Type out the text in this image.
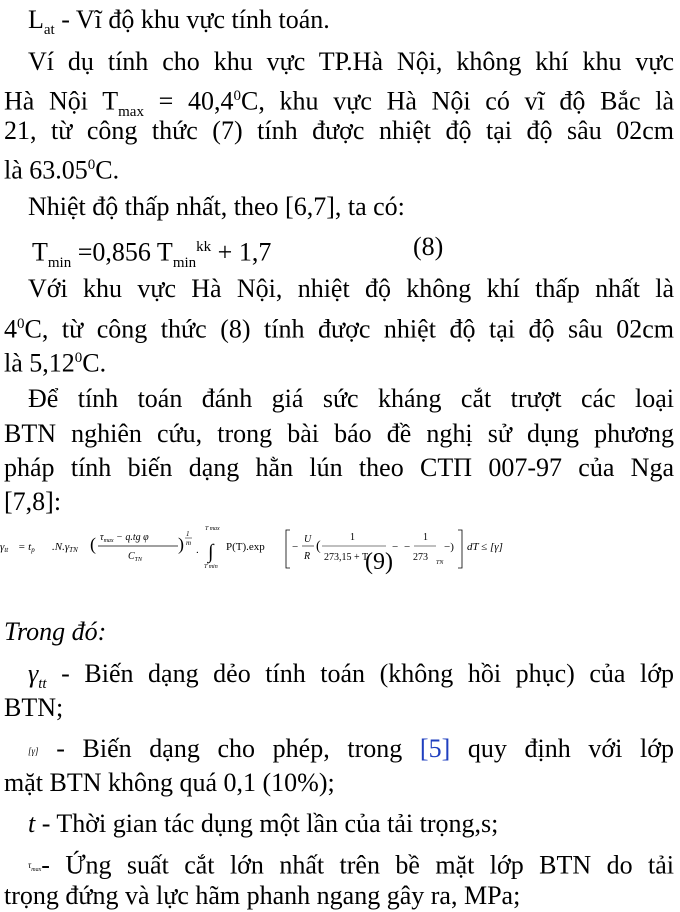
$L_{at}$ - Vĩ độ khu vực tính toán.
Ví dụ tính cho khu vực TP.Hà Nội, không khí khu vực
Hà Nội $T_{max} = 40,4^0C$, khu vực Hà Nội có vĩ độ Bắc là
21, từ công thức (7) tính được nhiệt độ tại độ sâu 02cm
là 63.05$^0$C.
Nhiệt độ thấp nhất, theo [6,7], ta có:
$T_{min} =0,856$ $T_{min}^{kk} + 1,7$	(8)
Với khu vực Hà Nội, nhiệt độ không khí thấp nhất là
$4^0C$, từ công thức (8) tính được nhiệt độ tại độ sâu 02cm
là 5,12$^0$C.
Để tính toán đánh giá sức kháng cắt trượt các loại
BTN nghiên cứu, trong bài báo đề nghị sử dụng phương
pháp tính biến dạng hằn lún theo СТП 007-97 của Nga
[7,8]:
γtt = tp .N.γTN ( $\tau_{max} - q.tg$ φ
$C_{TN}$
) 1
m
.
T max
∫
T min
P(T).exp −
U
R
(
1
273,15 + T
− −
1
273 TN
−) dT ≤ [γ]
(9)
Trong đó:
$\gamma_{tt}$ - Biến dạng dẻo tính toán (không hồi phục) của lớp
BTN;
[γ] - Biến dạng cho phép, trong [5] quy định với lớp
mặt BTN không quá 0,1 (10%);
t - Thời gian tác dụng một lần của tải trọng,s;
$\tau_{max}-$ Ứng suất cắt lớn nhất trên bề mặt lớp BTN do tải
trọng đứng và lực hãm phanh ngang gây ra, MPa;
